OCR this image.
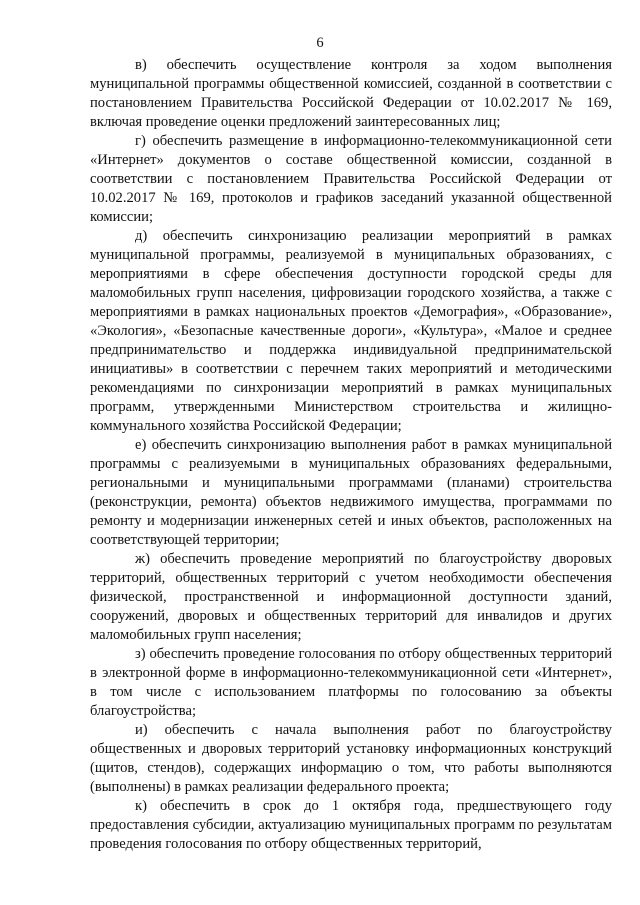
6

в) обеспечить осуществление контроля за ходом выполнения муниципальной программы общественной комиссией, созданной в соответствии с постановлением Правительства Российской Федерации от 10.02.2017 № 169, включая проведение оценки предложений заинтересованных лиц;

г) обеспечить размещение в информационно-телекоммуникационной сети «Интернет» документов о составе общественной комиссии, созданной в соответствии с постановлением Правительства Российской Федерации от 10.02.2017 № 169, протоколов и графиков заседаний указанной общественной комиссии;

д) обеспечить синхронизацию реализации мероприятий в рамках муниципальной программы, реализуемой в муниципальных образованиях, с мероприятиями в сфере обеспечения доступности городской среды для маломобильных групп населения, цифровизации городского хозяйства, а также с мероприятиями в рамках национальных проектов «Демография», «Образование», «Экология», «Безопасные качественные дороги», «Культура», «Малое и среднее предпринимательство и поддержка индивидуальной предпринимательской инициативы» в соответствии с перечнем таких мероприятий и методическими рекомендациями по синхронизации мероприятий в рамках муниципальных программ, утвержденными Министерством строительства и жилищно-коммунального хозяйства Российской Федерации;

е) обеспечить синхронизацию выполнения работ в рамках муниципальной программы с реализуемыми в муниципальных образованиях федеральными, региональными и муниципальными программами (планами) строительства (реконструкции, ремонта) объектов недвижимого имущества, программами по ремонту и модернизации инженерных сетей и иных объектов, расположенных на соответствующей территории;

ж) обеспечить проведение мероприятий по благоустройству дворовых территорий, общественных территорий с учетом необходимости обеспечения физической, пространственной и информационной доступности зданий, сооружений, дворовых и общественных территорий для инвалидов и других маломобильных групп населения;

з) обеспечить проведение голосования по отбору общественных территорий в электронной форме в информационно-телекоммуникационной сети «Интернет», в том числе с использованием платформы по голосованию за объекты благоустройства;

и) обеспечить с начала выполнения работ по благоустройству общественных и дворовых территорий установку информационных конструкций (щитов, стендов), содержащих информацию о том, что работы выполняются (выполнены) в рамках реализации федерального проекта;

к) обеспечить в срок до 1 октября года, предшествующего году предоставления субсидии, актуализацию муниципальных программ по результатам проведения голосования по отбору общественных территорий,
